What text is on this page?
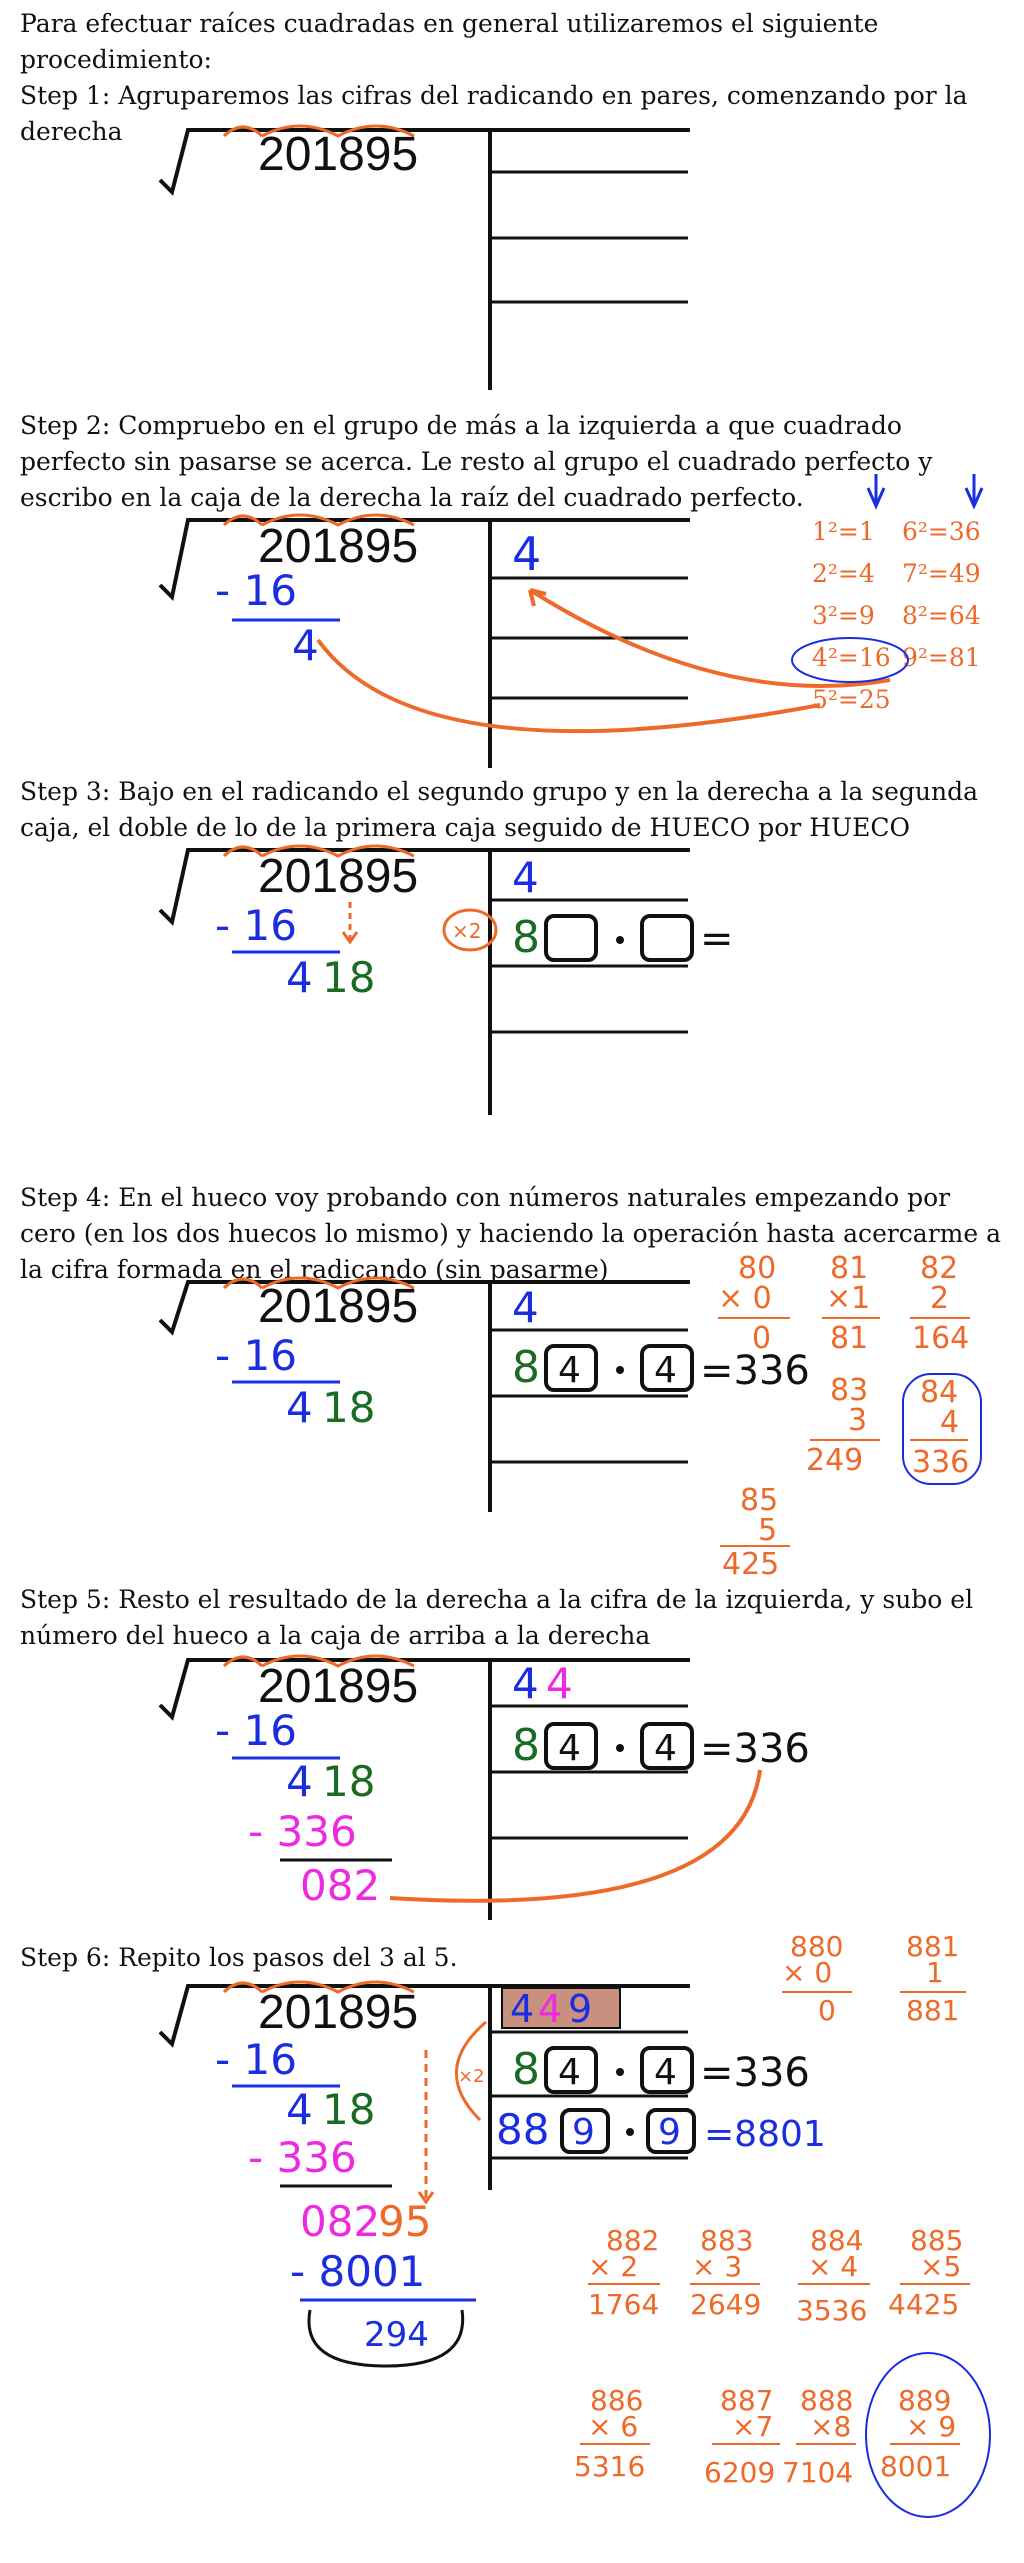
Para efectuar raíces cuadradas en general utilizaremos el siguiente procedimiento:
Step 1: Agruparemos las cifras del radicando en pares, comenzando por la derecha	201895
Step 2: Compruebo en el grupo de más a la izquierda a que cuadrado perfecto sin pasarse se acerca. Le resto al grupo el cuadrado perfecto y escribo en la caja de la derecha la raíz del cuadrado perfecto.
201895 4
- 16
4
1²=1
2²=4
3²=9
4²=16
5²=25
6²=36
7²=49
8²=64
9²=81
Step 3: Bajo en el radicando el segundo grupo y en la derecha a la segunda caja, el doble de lo de la primera caja seguido de HUECO por HUECO
201895 4
- 16
4 18
×2 8	=
Step 4: En el hueco voy probando con números naturales empezando por cero (en los dos huecos lo mismo) y haciendo la operación hasta acercarme a la cifra formada en el radicando (sin pasarme)
201895 4
- 16
4 18
8 4 4 =336
80
× 0
0
81
×1
81
82
2
164
83
3
249
84
4
336
85
5
425
Step 5: Resto el resultado de la derecha a la cifra de la izquierda, y subo el número del hueco a la caja de arriba a la derecha
201895 4 4
- 16
4 18
- 336
082
8 4 4 =336
Step 6: Repito los pasos del 3 al 5.
201895 4 4 9
- 16
4 18
- 336
082
95
- 8001
294
×2 8 4 4 =336
88 9 9 =8801
880
× 0
0
881
1
881
882
× 2
1764
883
× 3
2649
884
× 4
3536
885
×5
4425
886
× 6
5316
887
×7
6209
888
×8
7104
889
× 9
8001
